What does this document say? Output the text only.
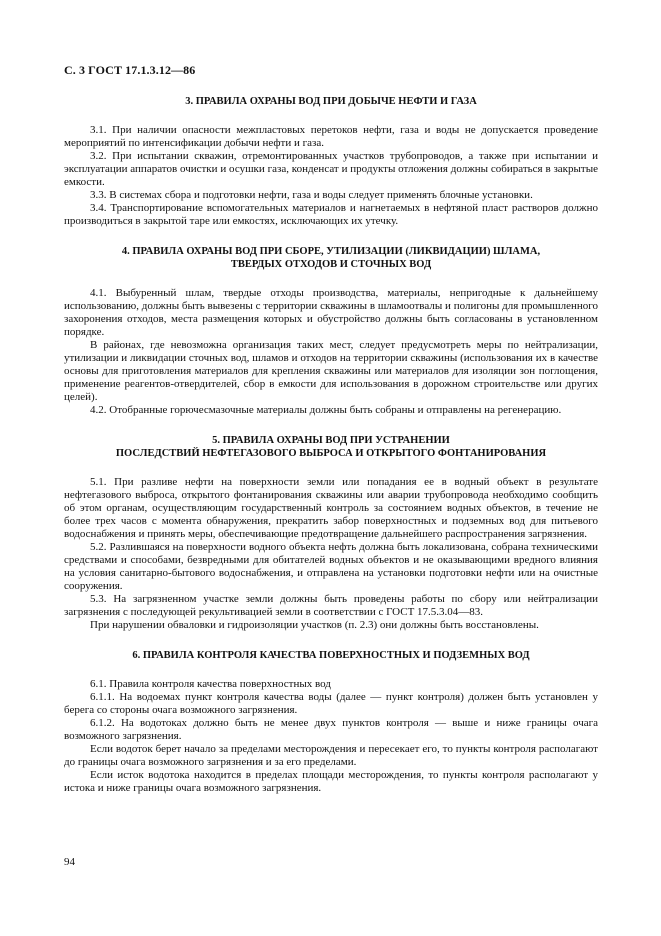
С. 3 ГОСТ 17.1.3.12—86
3. ПРАВИЛА ОХРАНЫ ВОД ПРИ ДОБЫЧЕ НЕФТИ И ГАЗА

3.1. При наличии опасности межпластовых перетоков нефти, газа и воды не допускается проведение мероприятий по интенсификации добычи нефти и газа.

3.2. При испытании скважин, отремонтированных участков трубопроводов, а также при испытании и эксплуатации аппаратов очистки и осушки газа, конденсат и продукты отложения должны собираться в закрытые емкости.

3.3. В системах сбора и подготовки нефти, газа и воды следует применять блочные установки.

3.4. Транспортирование вспомогательных материалов и нагнетаемых в нефтяной пласт растворов должно производиться в закрытой таре или емкостях, исключающих их утечку.

4. ПРАВИЛА ОХРАНЫ ВОД ПРИ СБОРЕ, УТИЛИЗАЦИИ (ЛИКВИДАЦИИ) ШЛАМА,
ТВЕРДЫХ ОТХОДОВ И СТОЧНЫХ ВОД

4.1. Выбуренный шлам, твердые отходы производства, материалы, непригодные к дальнейшему использованию, должны быть вывезены с территории скважины в шламоотвалы и полигоны для промышленного захоронения отходов, места размещения которых и обустройство должны быть согласованы в установленном порядке.

В районах, где невозможна организация таких мест, следует предусмотреть меры по нейтрализации, утилизации и ликвидации сточных вод, шламов и отходов на территории скважины (использования их в качестве основы для приготовления материалов для крепления скважины или материалов для изоляции зон поглощения, применение реагентов-отвердителей, сбор в емкости для использования в дорожном строительстве или других целей).

4.2. Отобранные горючесмазочные материалы должны быть собраны и отправлены на регенерацию.

5. ПРАВИЛА ОХРАНЫ ВОД ПРИ УСТРАНЕНИИ
ПОСЛЕДСТВИЙ НЕФТЕГАЗОВОГО ВЫБРОСА И ОТКРЫТОГО ФОНТАНИРОВАНИЯ

5.1. При разливе нефти на поверхности земли или попадания ее в водный объект в результате нефтегазового выброса, открытого фонтанирования скважины или аварии трубопровода необходимо сообщить об этом органам, осуществляющим государственный контроль за состоянием водных объектов, в течение не более трех часов с момента обнаружения, прекратить забор поверхностных и подземных вод для питьевого водоснабжения и принять меры, обеспечивающие предотвращение дальнейшего распространения загрязнения.

5.2. Разлившаяся на поверхности водного объекта нефть должна быть локализована, собрана техническими средствами и способами, безвредными для обитателей водных объектов и не оказывающими вредного влияния на условия санитарно-бытового водоснабжения, и отправлена на установки подготовки нефти или на очистные сооружения.

5.3. На загрязненном участке земли должны быть проведены работы по сбору или нейтрализации загрязнения с последующей рекультивацией земли в соответствии с ГОСТ 17.5.3.04—83.

При нарушении обваловки и гидроизоляции участков (п. 2.3) они должны быть восстановлены.

6. ПРАВИЛА КОНТРОЛЯ КАЧЕСТВА ПОВЕРХНОСТНЫХ И ПОДЗЕМНЫХ ВОД

6.1. Правила контроля качества поверхностных вод

6.1.1. На водоемах пункт контроля качества воды (далее — пункт контроля) должен быть установлен у берега со стороны очага возможного загрязнения.

6.1.2. На водотоках должно быть не менее двух пунктов контроля — выше и ниже границы очага возможного загрязнения.

Если водоток берет начало за пределами месторождения и пересекает его, то пункты контроля располагают до границы очага возможного загрязнения и за его пределами.

Если исток водотока находится в пределах площади месторождения, то пункты контроля располагают у истока и ниже границы очага возможного загрязнения.

94
